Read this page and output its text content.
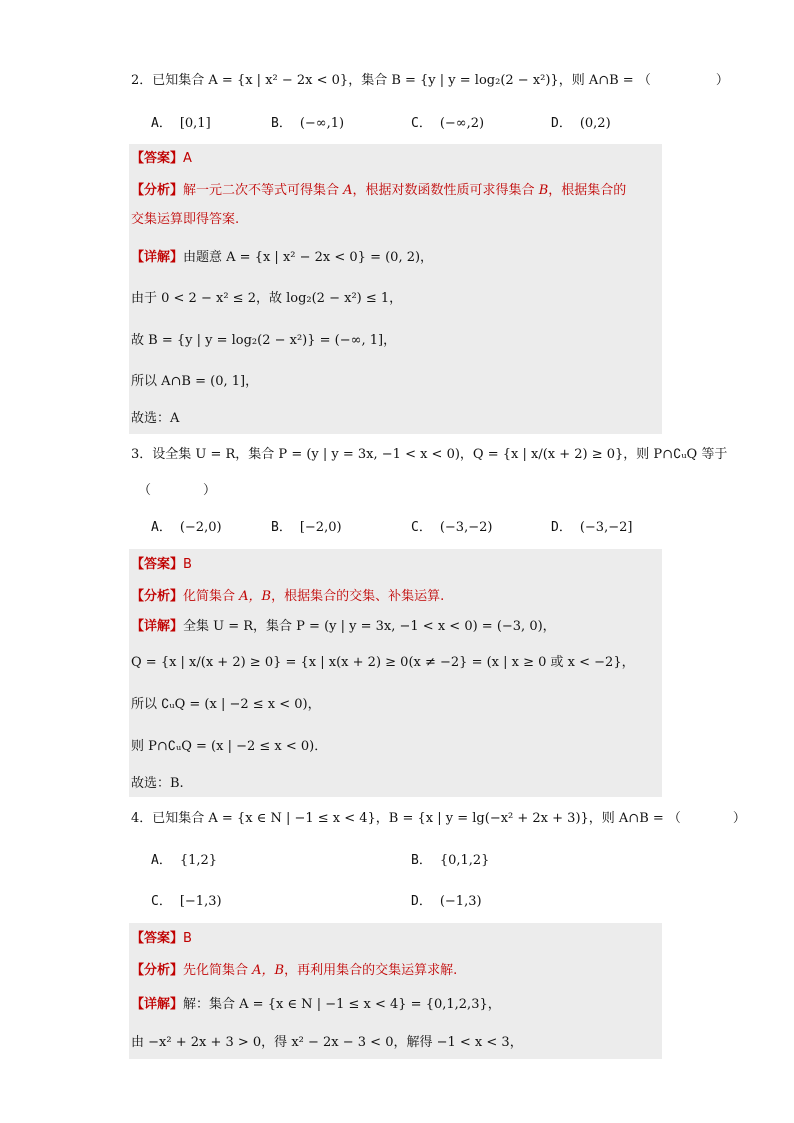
2．已知集合 A = {x | x² − 2x < 0}，集合 B = {y | y = log₂(2 − x²)}，则 A∩B = （　　　　　）
A． [0,1]	B． (−∞,1)	C． (−∞,2)	D． (0,2)
【答案】A
【分析】解一元二次不等式可得集合 A，根据对数函数性质可求得集合 B，根据集合的
交集运算即得答案.
【详解】由题意 A = {x | x² − 2x < 0} = (0, 2)，
由于 0 < 2 − x² ≤ 2，故 log₂(2 − x²) ≤ 1，
故 B = {y | y = log₂(2 − x²)} = (−∞, 1]，
所以 A∩B = (0, 1]，
故选：A
3．设全集 U = R，集合 P = (y | y = 3x, −1 < x < 0)，Q = {x | x/(x + 2) ≥ 0}，则 P∩∁ᵤQ 等于
（　　　　）
A． (−2,0)	B． [−2,0)	C． (−3,−2)	D． (−3,−2]
【答案】B
【分析】化简集合 A，B，根据集合的交集、补集运算.
【详解】全集 U = R，集合 P = (y | y = 3x, −1 < x < 0) = (−3, 0)，
Q = {x | x/(x + 2) ≥ 0} = {x | x(x + 2) ≥ 0(x ≠ −2} = (x | x ≥ 0 或 x < −2}，
所以 ∁ᵤQ = (x | −2 ≤ x < 0)，
则 P∩∁ᵤQ = (x | −2 ≤ x < 0)．
故选：B.
4．已知集合 A = {x ∈ N | −1 ≤ x < 4}，B = {x | y = lg(−x² + 2x + 3)}，则 A∩B = （　　　　）
A． {1,2}	B． {0,1,2}
C． [−1,3)	D． (−1,3)
【答案】B
【分析】先化简集合 A，B，再利用集合的交集运算求解.
【详解】解：集合 A = {x ∈ N | −1 ≤ x < 4} = {0,1,2,3}，
由 −x² + 2x + 3 > 0，得 x² − 2x − 3 < 0，解得 −1 < x < 3，
